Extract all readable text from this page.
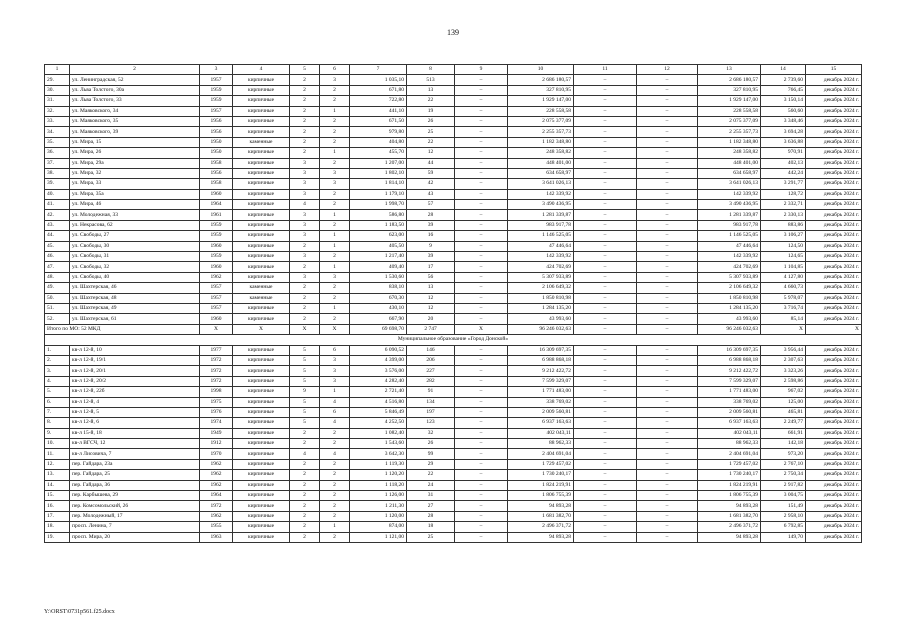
139
1	2	3	4	5	6	7	8	9	10	11	12	13	14	15
29.	ул. Ленинградская, 52	1957	кирпичные	2	3	1 035,10	513	–	2 686 180,57	–	–	2 686 180,57	2 739,60	декабрь 2024 г.
30.	ул. Льва Толстого, 30а	1959	кирпичные	2	2	671,80	13	–	327 810,95	–	–	327 810,95	766,45	декабрь 2024 г.
31.	ул. Льва Толстого, 33	1959	кирпичные	2	2	722,80	22	–	1 929 147,00	–	–	1 929 147,00	3 150,14	декабрь 2024 г.
32.	ул. Маяковского, 34	1957	кирпичные	2	1	441,10	19	–	228 558,58	–	–	228 558,58	560,60	декабрь 2024 г.
33.	ул. Маяковского, 35	1956	кирпичные	2	2	671,50	26	–	2 075 377,09	–	–	2 075 377,09	3 348,46	декабрь 2024 г.
34.	ул. Маяковского, 39	1956	кирпичные	2	2	979,80	25	–	2 255 357,73	–	–	2 255 357,73	3 694,28	декабрь 2024 г.
35.	ул. Мира, 15	1950	каменные	2	2	404,80	22	–	1 182 348,80	–	–	1 182 348,80	3 636,88	декабрь 2024 г.
36.	ул. Мира, 26	1950	кирпичные	2	1	455,70	12	–	248 358,82	–	–	248 358,82	970,91	декабрь 2024 г.
37.	ул. Мира, 29а	1958	кирпичные	3	2	1 207,00	44	–	448 401,00	–	–	448 401,00	402,13	декабрь 2024 г.
38.	ул. Мира, 32	1956	кирпичные	3	3	1 802,10	59	–	634 658,97	–	–	634 658,97	442,24	декабрь 2024 г.
39.	ул. Мира, 33	1958	кирпичные	3	3	1 814,10	42	–	3 641 026,13	–	–	3 641 026,13	3 291,77	декабрь 2024 г.
40.	ул. Мира, 35а	1960	кирпичные	3	2	1 179,10	43	–	142 339,92	–	–	142 339,92	128,72	декабрь 2024 г.
41.	ул. Мира, 46	1964	кирпичные	4	2	1 998,70	57	–	3 490 436,95	–	–	3 490 436,95	2 332,71	декабрь 2024 г.
42.	ул. Молодежная, 33	1961	кирпичные	3	1	586,80	28	–	1 281 339,87	–	–	1 281 339,87	2 330,13	декабрь 2024 г.
43.	ул. Некрасова, 62	1959	кирпичные	3	2	1 183,50	39	–	983 917,78	–	–	983 917,78	883,86	декабрь 2024 г.
44.	ул. Свободы, 27	1959	кирпичные	3	1	623,00	16	–	1 146 525,05	–	–	1 146 525,05	3 106,27	декабрь 2024 г.
45.	ул. Свободы, 30	1960	кирпичные	2	1	405,50	9	–	47 446,64	–	–	47 446,64	124,50	декабрь 2024 г.
46.	ул. Свободы, 31	1959	кирпичные	3	2	1 217,40	39	–	142 339,92	–	–	142 339,92	124,65	декабрь 2024 г.
47.	ул. Свободы, 32	1960	кирпичные	2	1	409,40	17	–	424 702,69	–	–	424 702,69	1 104,85	декабрь 2024 г.
48.	ул. Свободы, 40	1962	кирпичные	3	3	1 530,60	56	–	5 307 933,89	–	–	5 307 933,89	4 127,80	декабрь 2024 г.
49.	ул. Шахтерская, 46	1957	каменные	2	2	838,10	13	–	2 106 649,32	–	–	2 106 649,32	4 660,73	декабрь 2024 г.
50.	ул. Шахтерская, 48	1957	каменные	2	2	670,30	12	–	1 850 810,98	–	–	1 850 810,98	5 978,07	декабрь 2024 г.
51.	ул. Шахтерская, 49	1957	кирпичные	2	1	430,10	12	–	1 284 135,20	–	–	1 284 135,20	3 716,74	декабрь 2024 г.
52.	ул. Шахтерская, 61	1960	кирпичные	2	2	667,90	20	–	43 993,60	–	–	43 993,60	85,14	декабрь 2024 г.
Итого по МО: 52 МКД		Х	Х	Х	Х	69 698,70	2 747	Х	96 246 032,63	–	–	96 246 032,63	Х	Х
Муниципальное образование «Город Донской»														
1.	кв-л 12-й, 10	1977	кирпичные	5	6	6 090,52	146	–	16 309 697,35	–	–	16 309 697,35	3 956,44	декабрь 2024 г.
2.	кв-л 12-й, 19/1	1972	кирпичные	5	3	4 399,00	206	–	6 988 868,18	–	–	6 988 868,18	2 307,63	декабрь 2024 г.
3.	кв-л 12-й, 20/1	1972	кирпичные	5	3	3 576,00	227	–	9 212 422,72	–	–	9 212 422,72	3 323,26	декабрь 2024 г.
4.	кв-л 12-й, 20/2	1972	кирпичные	5	3	4 282,40	282	–	7 599 329,07	–	–	7 599 329,07	2 598,86	декабрь 2024 г.
5.	кв-л 12-й, 22б	1998	кирпичные	9	1	2 721,40	91	–	1 771 483,00	–	–	1 771 483,00	967,02	декабрь 2024 г.
6.	кв-л 12-й, 4	1975	кирпичные	5	4	4 516,80	134	–	338 769,02	–	–	338 769,02	125,00	декабрь 2024 г.
7.	кв-л 12-й, 5	1976	кирпичные	5	6	5 846,49	197	–	2 009 560,81	–	–	2 009 560,81	465,81	декабрь 2024 г.
8.	кв-л 12-й, 6	1974	кирпичные	5	4	4 252,50	123	–	6 937 163,63	–	–	6 937 163,63	2 249,77	декабрь 2024 г.
9.	кв-л 15-й, 18	1949	кирпичные	2	2	1 082,40	32	–	402 043,11	–	–	402 043,11	661,91	декабрь 2024 г.
10.	кв-л ВГСЧ, 12	1912	кирпичные	2	2	1 543,60	26	–	88 962,33	–	–	88 962,33	142,18	декабрь 2024 г.
11.	кв-л Лисовича, 7	1970	кирпичные	4	4	3 642,30	99	–	2 404 691,04	–	–	2 404 691,04	973,20	декабрь 2024 г.
12.	пер. Гайдара, 23а	1962	кирпичные	2	2	1 119,30	29	–	1 729 457,02	–	–	1 729 457,02	2 767,10	декабрь 2024 г.
13.	пер. Гайдара, 25	1962	кирпичные	2	2	1 120,20	22	–	1 730 240,17	–	–	1 730 240,17	2 750,34	декабрь 2024 г.
14.	пер. Гайдара, 36	1962	кирпичные	2	2	1 118,20	24	–	1 824 219,91	–	–	1 824 219,91	2 917,82	декабрь 2024 г.
15.	пер. Карбышева, 29	1964	кирпичные	2	2	1 126,00	31	–	1 806 755,39	–	–	1 806 755,39	3 004,75	декабрь 2024 г.
16.	пер. Комсомольский, 26	1972	кирпичные	2	2	1 211,30	27	–	94 893,28	–	–	94 893,28	151,49	декабрь 2024 г.
17.	пер. Молодежный, 17	1962	кирпичные	2	2	1 120,00	28	–	1 681 382,70	–	–	1 681 382,70	2 958,10	декабрь 2024 г.
18.	просп. Ленина, 7	1955	кирпичные	2	1	874,00	18	–	2 496 371,72	–	–	2 496 371,72	6 792,85	декабрь 2024 г.
19.	просп. Мира, 20	1963	кирпичные	2	2	1 121,00	25	–	94 893,28	–	–	94 893,28	149,70	декабрь 2024 г.
Y:\ORST\0731p561.f25.docx
